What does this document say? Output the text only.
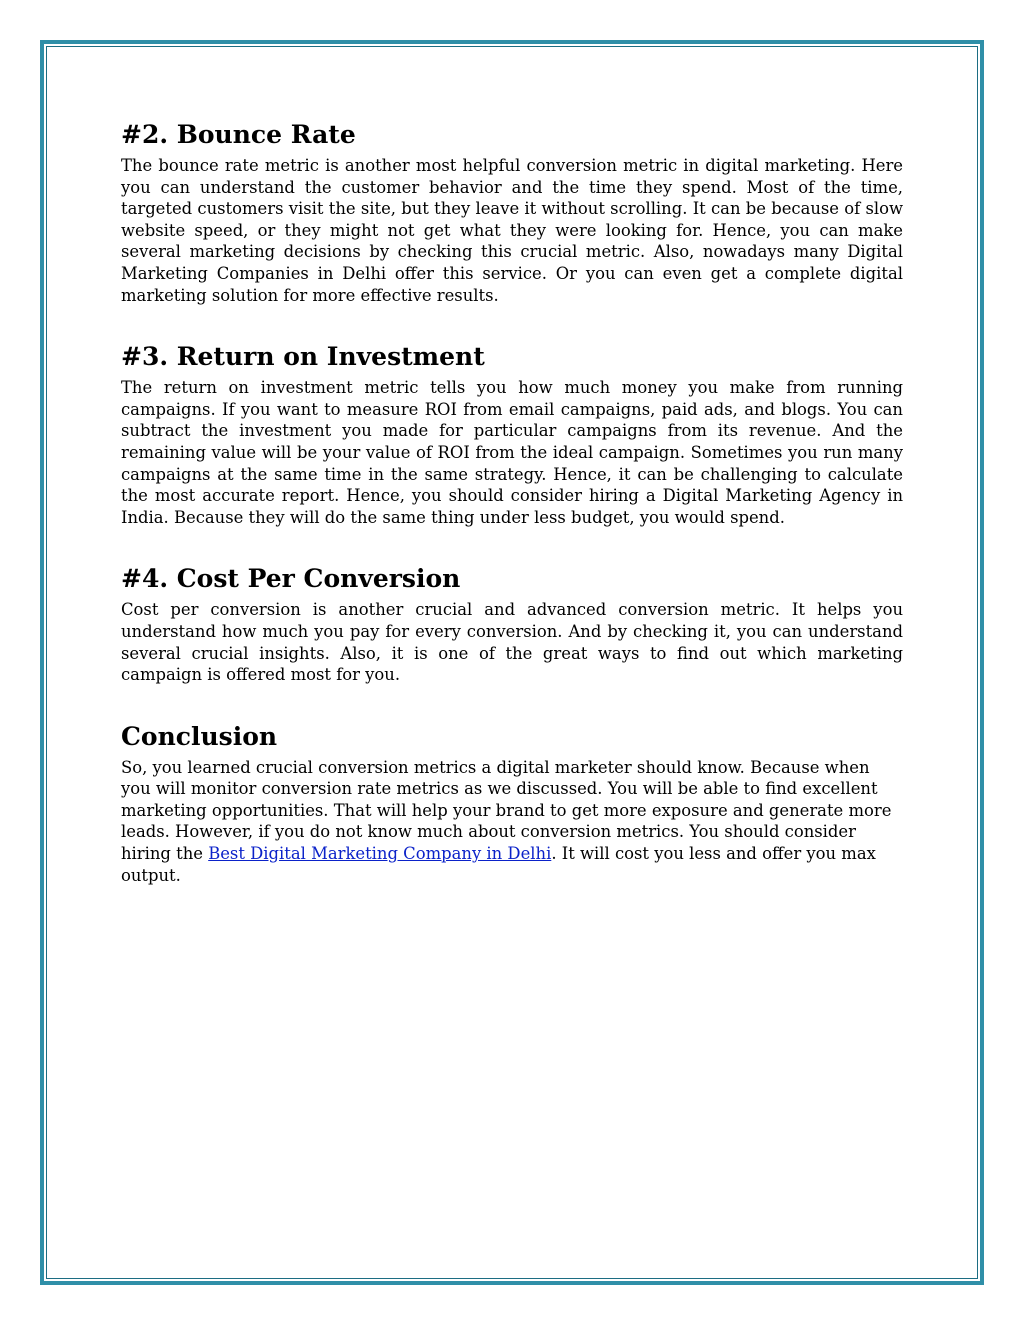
#2. Bounce Rate

The bounce rate metric is another most helpful conversion metric in digital marketing. Here you can understand the customer behavior and the time they spend. Most of the time, targeted customers visit the site, but they leave it without scrolling. It can be because of slow website speed, or they might not get what they were looking for. Hence, you can make several marketing decisions by checking this crucial metric. Also, nowadays many Digital Marketing Companies in Delhi offer this service. Or you can even get a complete digital marketing solution for more effective results.

#3. Return on Investment

The return on investment metric tells you how much money you make from running campaigns. If you want to measure ROI from email campaigns, paid ads, and blogs. You can subtract the investment you made for particular campaigns from its revenue. And the remaining value will be your value of ROI from the ideal campaign. Sometimes you run many campaigns at the same time in the same strategy. Hence, it can be challenging to calculate the most accurate report. Hence, you should consider hiring a Digital Marketing Agency in India. Because they will do the same thing under less budget, you would spend.

#4. Cost Per Conversion

Cost per conversion is another crucial and advanced conversion metric. It helps you understand how much you pay for every conversion. And by checking it, you can understand several crucial insights. Also, it is one of the great ways to find out which marketing campaign is offered most for you.

Conclusion

So, you learned crucial conversion metrics a digital marketer should know. Because when you will monitor conversion rate metrics as we discussed. You will be able to find excellent marketing opportunities. That will help your brand to get more exposure and generate more leads. However, if you do not know much about conversion metrics. You should consider hiring the Best Digital Marketing Company in Delhi. It will cost you less and offer you max output.
